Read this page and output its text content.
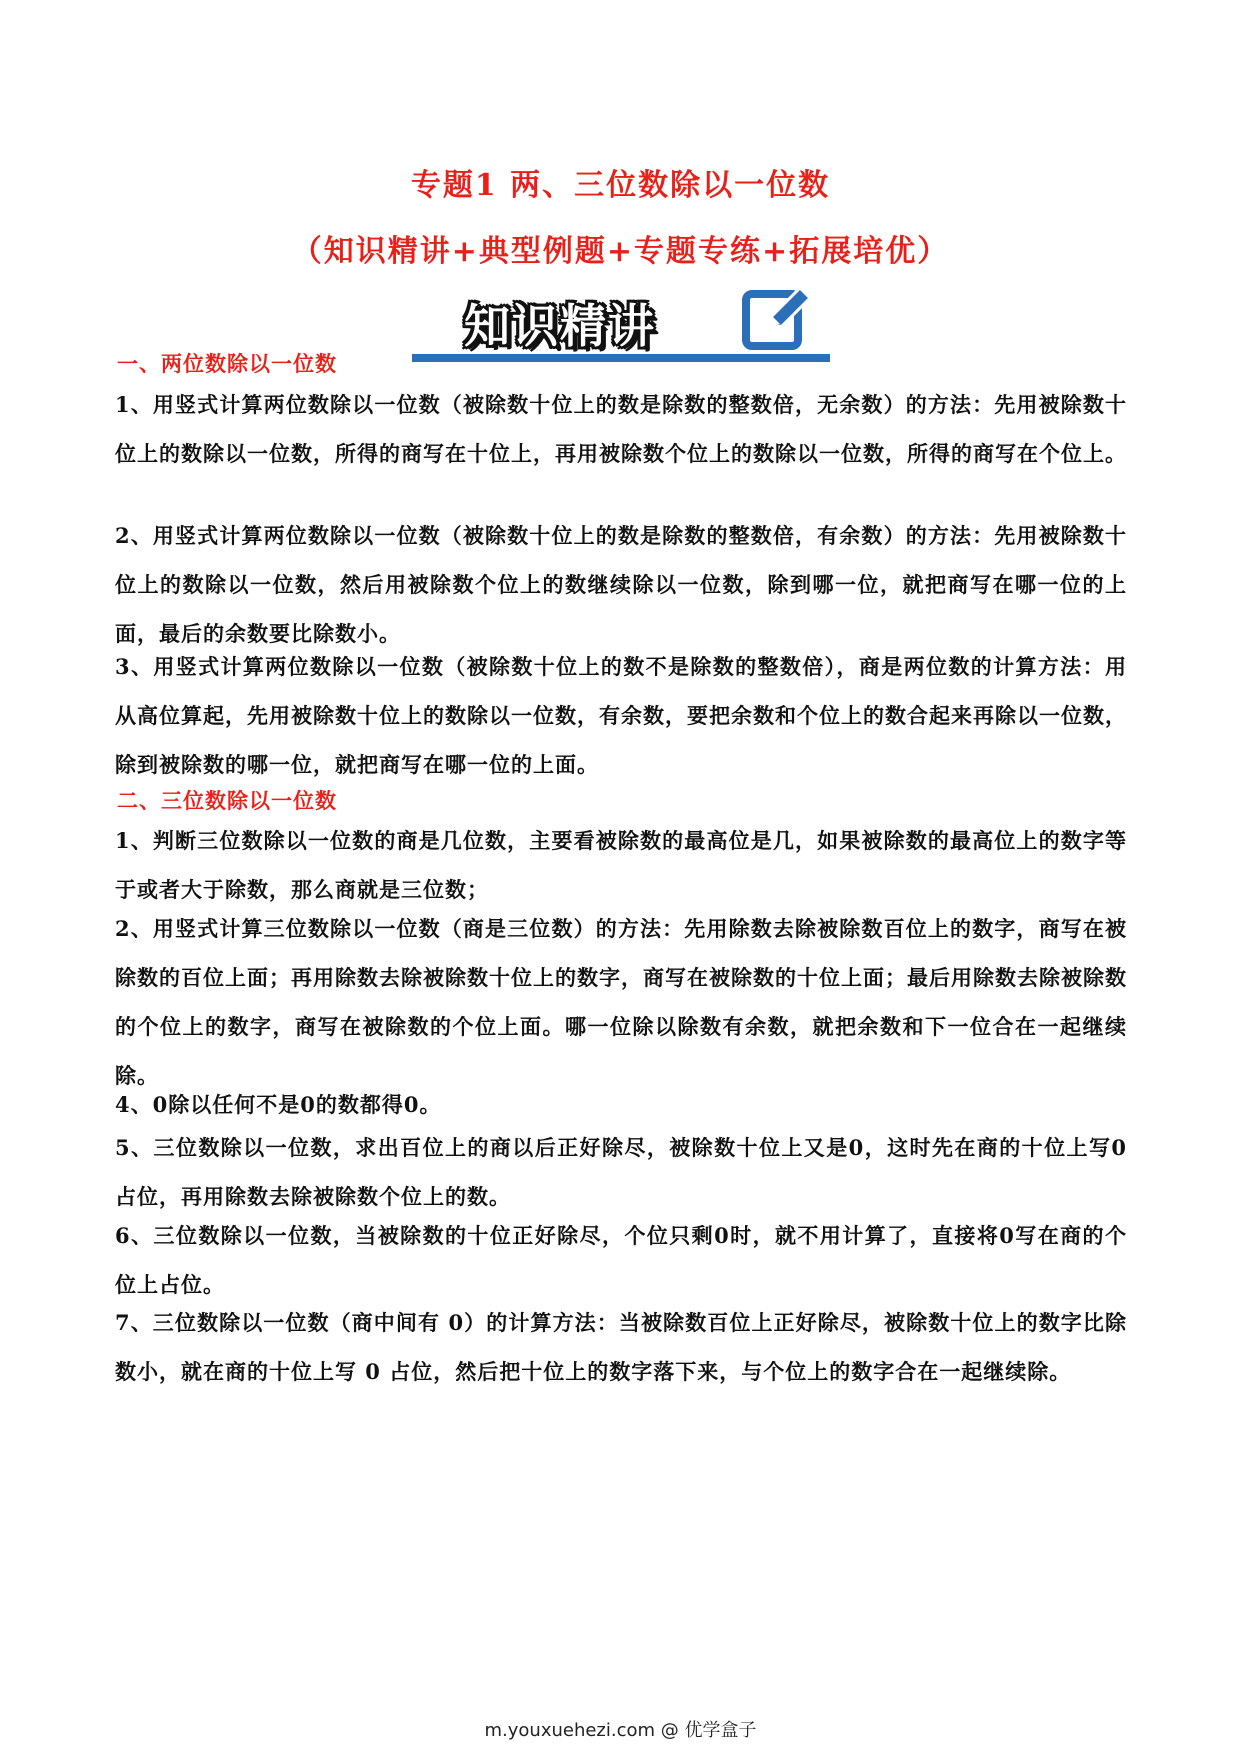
专题1 两、三位数除以一位数
（知识精讲+典型例题+专题专练+拓展培优）
知识精讲
一、两位数除以一位数
1、用竖式计算两位数除以一位数（被除数十位上的数是除数的整数倍，无余数）的方法：先用被除数十位上的数除以一位数，所得的商写在十位上，再用被除数个位上的数除以一位数，所得的商写在个位上。
2、用竖式计算两位数除以一位数（被除数十位上的数是除数的整数倍，有余数）的方法：先用被除数十位上的数除以一位数，然后用被除数个位上的数继续除以一位数，除到哪一位，就把商写在哪一位的上面，最后的余数要比除数小。
3、用竖式计算两位数除以一位数（被除数十位上的数不是除数的整数倍），商是两位数的计算方法：用从高位算起，先用被除数十位上的数除以一位数，有余数，要把余数和个位上的数合起来再除以一位数，除到被除数的哪一位，就把商写在哪一位的上面。
二、三位数除以一位数
1、判断三位数除以一位数的商是几位数，主要看被除数的最高位是几，如果被除数的最高位上的数字等于或者大于除数，那么商就是三位数；
2、用竖式计算三位数除以一位数（商是三位数）的方法：先用除数去除被除数百位上的数字，商写在被除数的百位上面；再用除数去除被除数十位上的数字，商写在被除数的十位上面；最后用除数去除被除数的个位上的数字，商写在被除数的个位上面。哪一位除以除数有余数，就把余数和下一位合在一起继续除。
4、0除以任何不是0的数都得0。
5、三位数除以一位数，求出百位上的商以后正好除尽，被除数十位上又是0，这时先在商的十位上写0占位，再用除数去除被除数个位上的数。
6、三位数除以一位数，当被除数的十位正好除尽，个位只剩0时，就不用计算了，直接将0写在商的个位上占位。
7、三位数除以一位数（商中间有 0）的计算方法：当被除数百位上正好除尽，被除数十位上的数字比除数小，就在商的十位上写 0 占位，然后把十位上的数字落下来，与个位上的数字合在一起继续除。
m.youxuehezi.com @ 优学盒子
